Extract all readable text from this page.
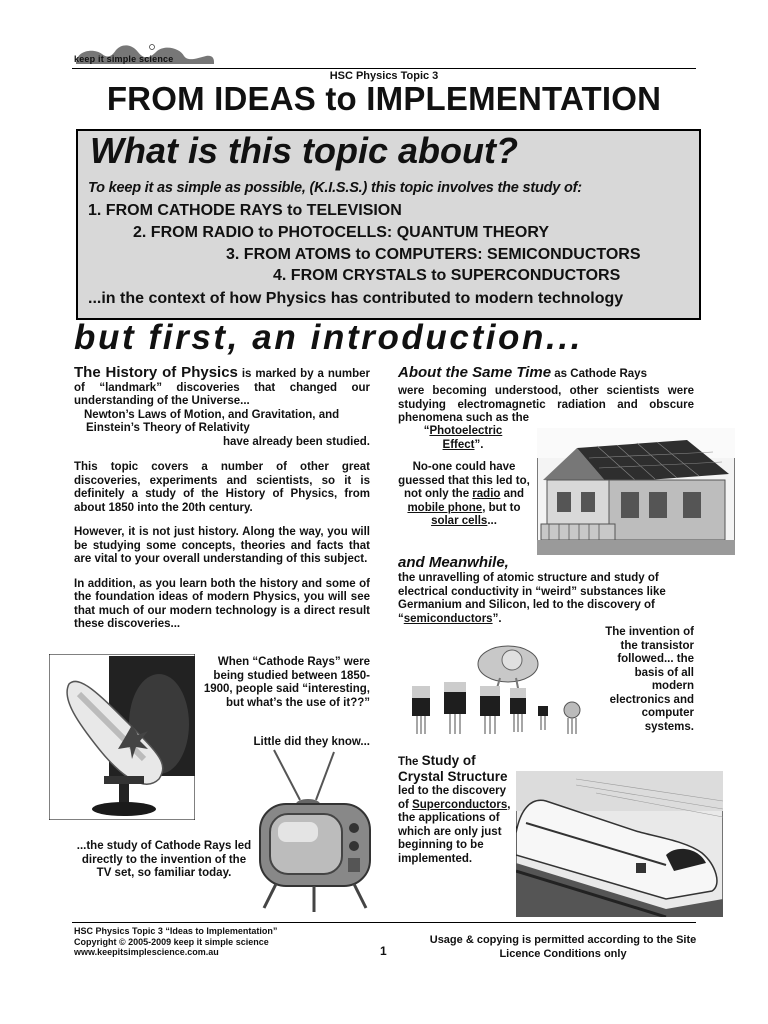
keep it simple science
HSC Physics Topic 3
FROM IDEAS to IMPLEMENTATION
What is this topic about?
To keep it as simple as possible, (K.I.S.S.) this topic involves the study of:
1. FROM CATHODE RAYS to TELEVISION
2. FROM RADIO to PHOTOCELLS: QUANTUM THEORY
3. FROM ATOMS to COMPUTERS: SEMICONDUCTORS
4. FROM CRYSTALS to SUPERCONDUCTORS
...in the context of how Physics has contributed to modern technology
but first, an introduction...

The History of Physics is marked by a number of “landmark” discoveries that changed our understanding of the Universe...
Newton’s Laws of Motion, and Gravitation, and
Einstein’s Theory of Relativity

have already been studied.

This topic covers a number of other great discoveries, experiments and scientists, so it is definitely a study of the History of Physics, from about 1850 into the 20th century.

However, it is not just history. Along the way, you will be studying some concepts, theories and facts that are vital to your overall understanding of this subject.

In addition, as you learn both the history and some of the foundation ideas of modern Physics, you will see that much of our modern technology is a direct result these discoveries...

When “Cathode Rays” were being studied between 1850-1900, people said “interesting, but what’s the use of it??”
Little did they know...
...the study of Cathode Rays led directly to the invention of the TV set, so familiar today.
About the Same Time as Cathode Rays
were becoming understood, other scientists were studying electromagnetic radiation and obscure phenomena such as the
“Photoelectric
Effect”.
No-one could have guessed that this led to, not only the radio and mobile phone, but to solar cells...
and Meanwhile,
the unravelling of atomic structure and study of electrical conductivity in “weird” substances like Germanium and Silicon, led to the discovery of “semiconductors”.
The invention of the transistor followed... the basis of all modern electronics and computer systems.
The Study of Crystal Structure
led to the discovery of Superconductors, the applications of which are only just beginning to be implemented.
HSC Physics Topic 3 “Ideas to Implementation”
Copyright © 2005-2009 keep it simple science
www.keepitsimplescience.com.au	1
Usage & copying is permitted according to the Site Licence Conditions only
